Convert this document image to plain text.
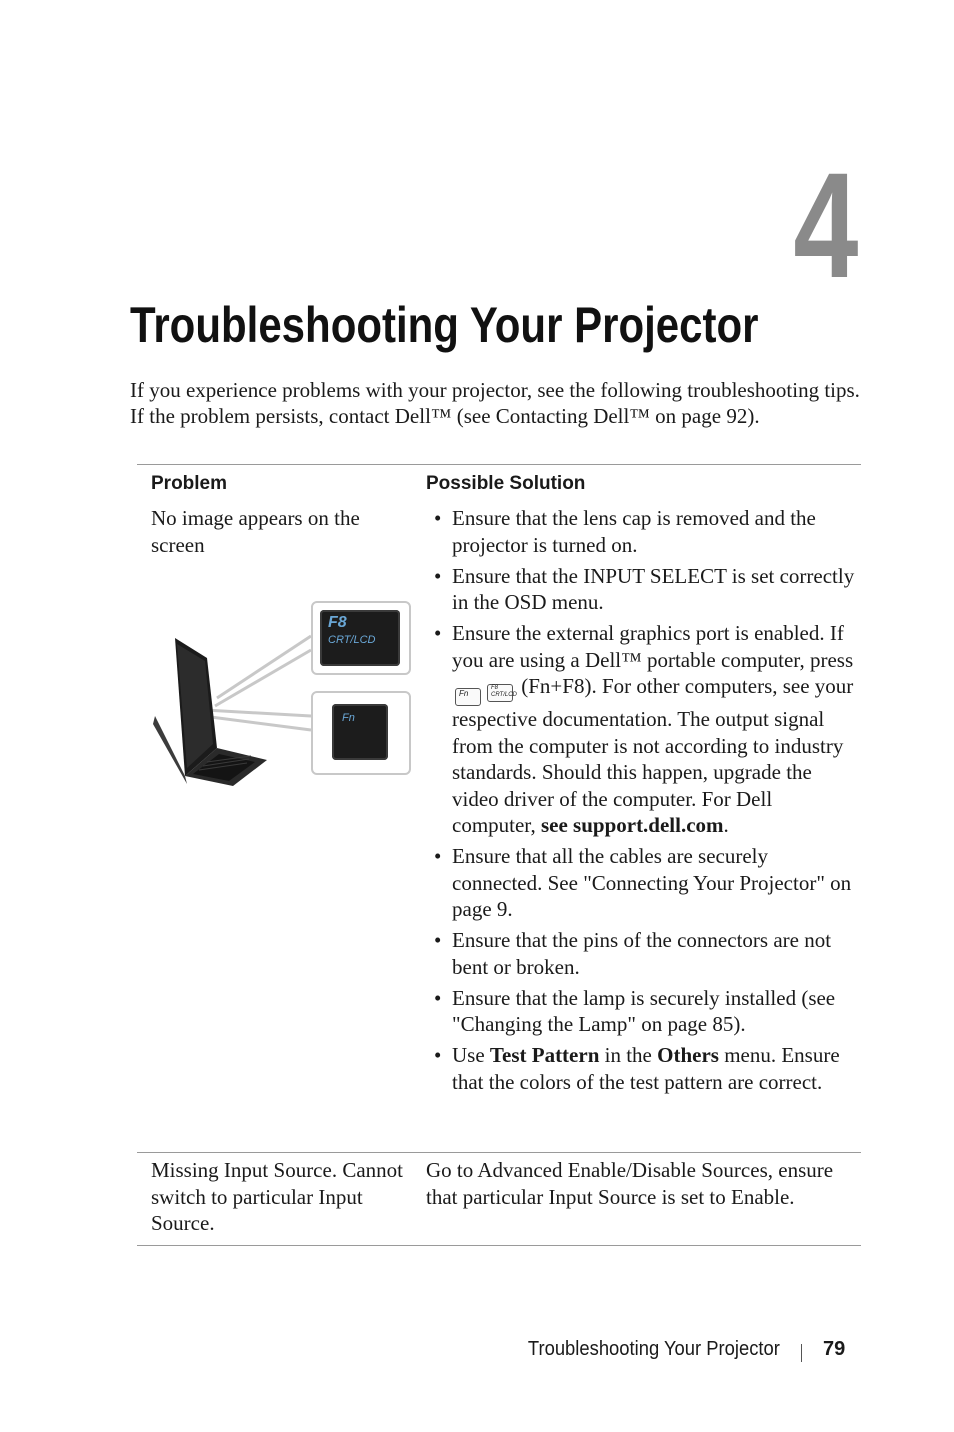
4
Troubleshooting Your Projector

If you experience problems with your projector, see the following troubleshooting tips. If the problem persists, contact Dell™ (see Contacting Dell™ on page 92).

Problem	Possible Solution
No image appears on the screen
• Ensure that the lens cap is removed and the projector is turned on.
• Ensure that the INPUT SELECT is set correctly in the OSD menu.
• Ensure the external graphics port is enabled. If you are using a Dell™ portable computer, press FnF8
CRT/LCD (Fn+F8). For other computers, see your respective documentation. The output signal from the computer is not according to industry standards. Should this happen, upgrade the video driver of the computer. For Dell computer, see support.dell.com.
• Ensure that all the cables are securely connected. See "Connecting Your Projector" on page 9.
• Ensure that the pins of the connectors are not bent or broken.
• Ensure that the lamp is securely installed (see "Changing the Lamp" on page 85).
• Use Test Pattern in the Others menu. Ensure that the colors of the test pattern are correct.
Missing Input Source. Cannot switch to particular Input Source.
Go to Advanced Enable/Disable Sources, ensure that particular Input Source is set to Enable.
F8
CRT/LCD
Fn
Troubleshooting Your Projector 79
